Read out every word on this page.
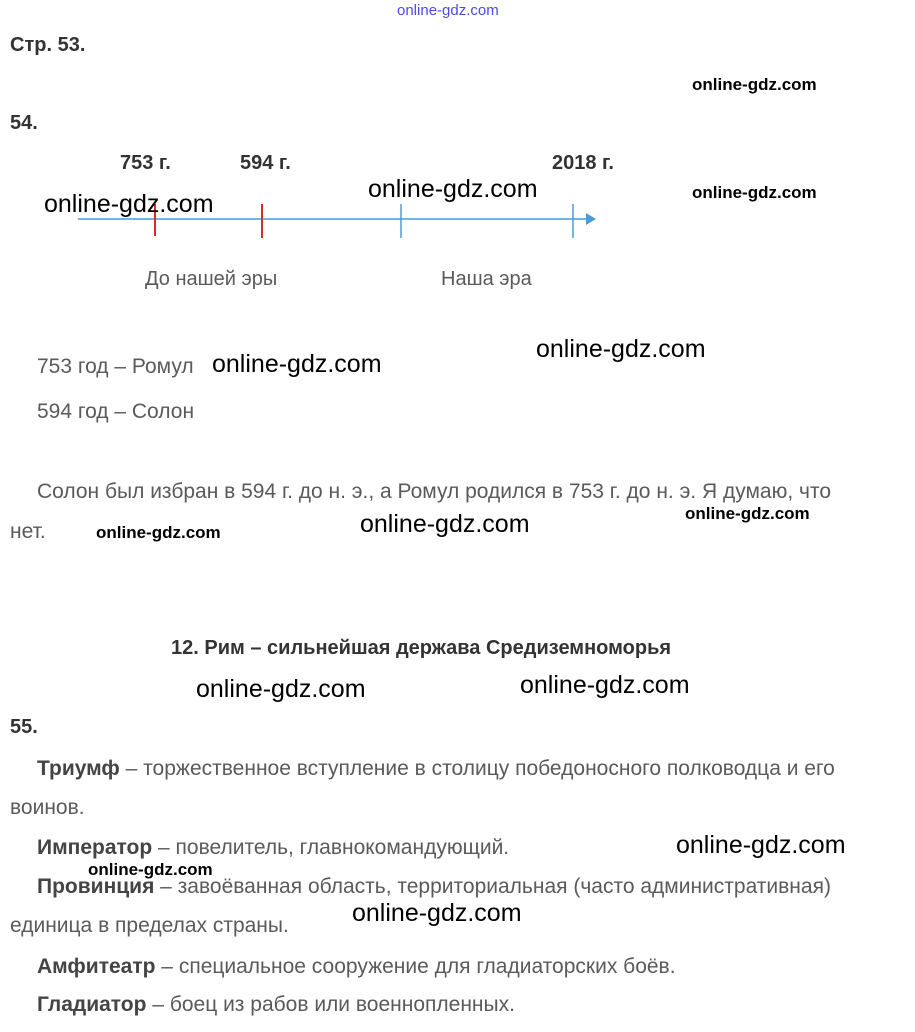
online-gdz.com
Стр. 53.
54.
753 г.	594 г.	2018 г.
До нашей эры	Наша эра
753 год – Ромул
594 год – Солон
Солон был избран в 594 г. до н. э., а Ромул родился в 753 г. до н. э. Я думаю, что
нет.
12. Рим – сильнейшая держава Средиземноморья
55.
Триумф – торжественное вступление в столицу победоносного полководца и его
воинов.
Император – повелитель, главнокомандующий.
Провинция – завоёванная область, территориальная (часто административная)
единица в пределах страны.
Амфитеатр – специальное сооружение для гладиаторских боёв.
Гладиатор – боец из рабов или военнопленных.
online-gdz.com
online-gdz.com
online-gdz.com	online-gdz.com
online-gdz.com
online-gdz.com
online-gdz.com
online-gdz.com	online-gdz.com
online-gdz.com	online-gdz.com
online-gdz.com
online-gdz.com
online-gdz.com
